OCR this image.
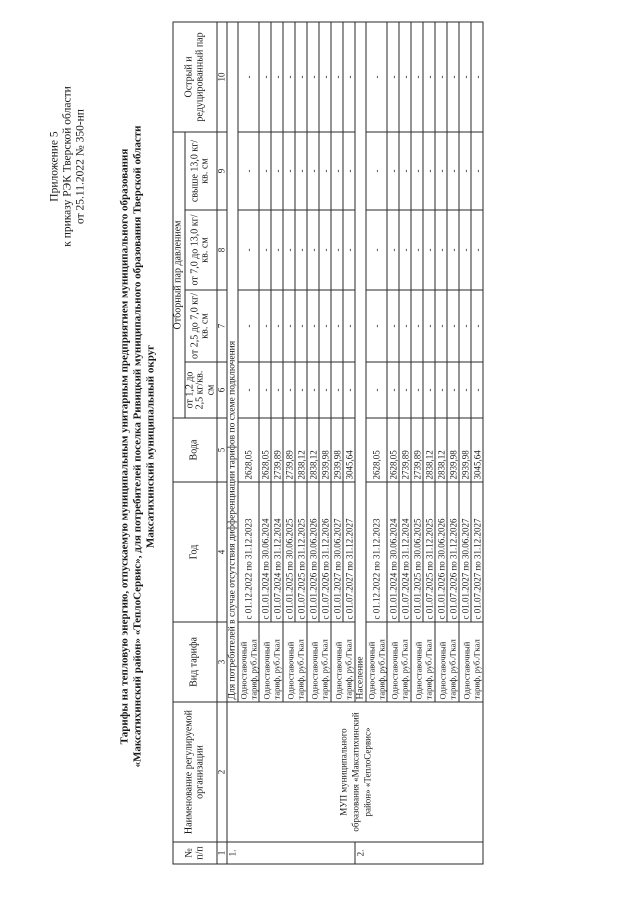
Приложение 5 к приказу РЭК Тверской области от 25.11.2022 № 350-нп	Тарифы на тепловую энергию, отпускаемую муниципальным унитарным предприятием муниципального образования «Максатихинский район» «ТеплоСервис», для потребителей поселка Ривицкий муниципального образования Тверской области Максатихинский муниципальный округ
№ п/п	Наименование регулируемой организации	Вид тарифа	Год	Вода	Отборный пар давлением				Острый и редуцированный пар
					от 1,2 до 2,5 кг/кв. см	от 2,5 до 7,0 кг/кв. см	от 7,0 до 13,0 кг/кв. см	свыше 13,0 кг/кв. см	
1	2	3	4	5	6	7	8	9	10
1.	МУП муниципального образования «Максатихинский район» «ТеплоСервис»	Для потребителей в случае отсутствия дифференциации тарифов по схеме подключения							
		Одноставочный тариф, руб./Гкал	с 01.12.2022 по 31.12.2023	2628,05	-	-	-	-	-
		Одноставочный тариф, руб./Гкал	с 01.01.2024 по 30.06.2024	2628,05	-	-	-	-	-
			с 01.07.2024 по 31.12.2024	2739,89	-	-	-	-	-
		Одноставочный тариф, руб./Гкал	с 01.01.2025 по 30.06.2025	2739,89	-	-	-	-	-
			с 01.07.2025 по 31.12.2025	2838,12	-	-	-	-	-
		Одноставочный тариф, руб./Гкал	с 01.01.2026 по 30.06.2026	2838,12	-	-	-	-	-
			с 01.07.2026 по 31.12.2026	2939,98	-	-	-	-	-
		Одноставочный тариф, руб./Гкал	с 01.01.2027 по 30.06.2027	2939,98	-	-	-	-	-
			с 01.07.2027 по 31.12.2027	3045,64	-	-	-	-	-
2.		Население							
		Одноставочный тариф, руб./Гкал	с 01.12.2022 по 31.12.2023	2628,05	-	-	-	-	-
		Одноставочный тариф, руб./Гкал	с 01.01.2024 по 30.06.2024	2628,05	-	-	-	-	-
			с 01.07.2024 по 31.12.2024	2739,89	-	-	-	-	-
		Одноставочный тариф, руб./Гкал	с 01.01.2025 по 30.06.2025	2739,89	-	-	-	-	-
			с 01.07.2025 по 31.12.2025	2838,12	-	-	-	-	-
		Одноставочный тариф, руб./Гкал	с 01.01.2026 по 30.06.2026	2838,12	-	-	-	-	-
			с 01.07.2026 по 31.12.2026	2939,98	-	-	-	-	-
		Одноставочный тариф, руб./Гкал	с 01.01.2027 по 30.06.2027	2939,98	-	-	-	-	-
			с 01.07.2027 по 31.12.2027	3045,64	-	-	-	-	-
